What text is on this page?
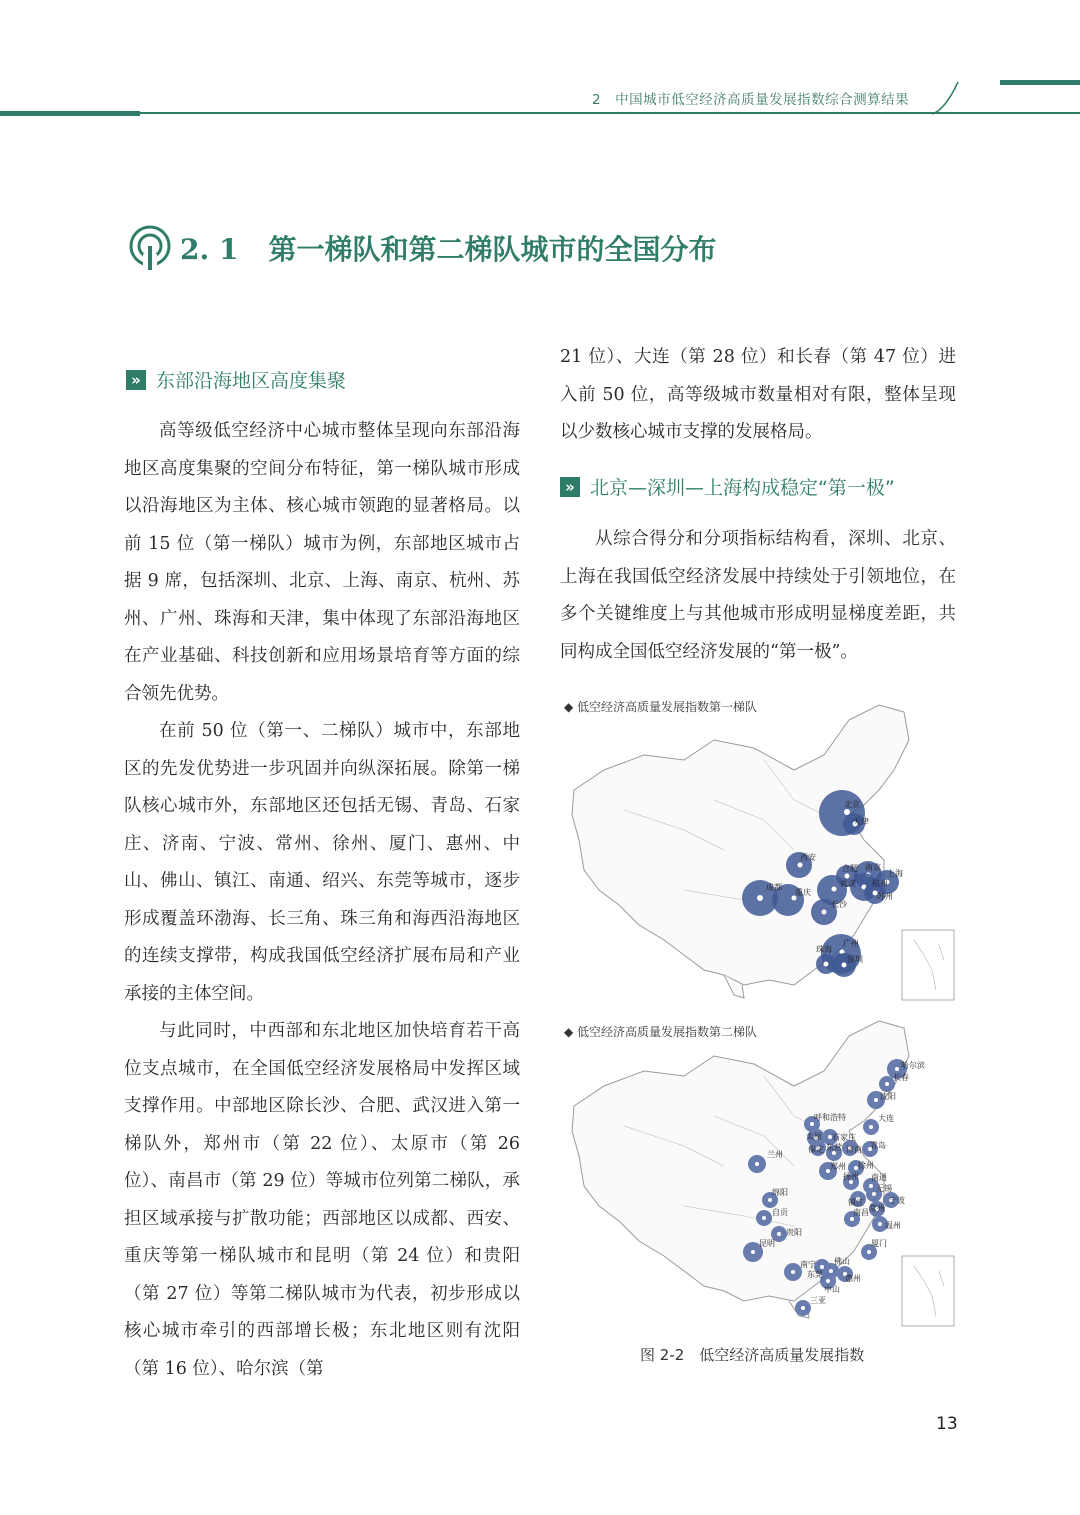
2　中国城市低空经济高质量发展指数综合测算结果
2. 1 第一梯队和第二梯队城市的全国分布
» 东部沿海地区高度集聚

高等级低空经济中心城市整体呈现向东部沿海地区高度集聚的空间分布特征，第一梯队城市形成以沿海地区为主体、核心城市领跑的显著格局。以前 15 位（第一梯队）城市为例，东部地区城市占据 9 席，包括深圳、北京、上海、南京、杭州、苏州、广州、珠海和天津，集中体现了东部沿海地区在产业基础、科技创新和应用场景培育等方面的综合领先优势。

在前 50 位（第一、二梯队）城市中，东部地区的先发优势进一步巩固并向纵深拓展。除第一梯队核心城市外，东部地区还包括无锡、青岛、石家庄、济南、宁波、常州、徐州、厦门、惠州、中山、佛山、镇江、南通、绍兴、东莞等城市，逐步形成覆盖环渤海、长三角、珠三角和海西沿海地区的连续支撑带，构成我国低空经济扩展布局和产业承接的主体空间。

与此同时，中西部和东北地区加快培育若干高位支点城市，在全国低空经济发展格局中发挥区域支撑作用。中部地区除长沙、合肥、武汉进入第一梯队外，郑州市（第 22 位）、太原市（第 26 位）、南昌市（第 29 位）等城市位列第二梯队，承担区域承接与扩散功能；西部地区以成都、西安、重庆等第一梯队城市和昆明（第 24 位）和贵阳（第 27 位）等第二梯队城市为代表，初步形成以核心城市牵引的西部增长极；东北地区则有沈阳（第 16 位）、哈尔滨（第

21 位）、大连（第 28 位）和长春（第 47 位）进入前 50 位，高等级城市数量相对有限，整体呈现以少数核心城市支撑的发展格局。

» 北京—深圳—上海构成稳定“第一极”

从综合得分和分项指标结构看，深圳、北京、上海在我国低空经济发展中持续处于引领地位，在多个关键维度上与其他城市形成明显梯度差距，共同构成全国低空经济发展的“第一极”。

◆ 低空经济高质量发展指数第一梯队
北京
天津
西安
成都
重庆
合肥 南京
武汉 杭州
上海
苏州
长沙
广州
珠海
深圳
◆ 低空经济高质量发展指数第二梯队
哈尔滨
长春
沈阳
大连
呼和浩特
太原 石家庄
保定 东营 济南 青岛
兰州
郑州 徐州
扬州 南通
绵阳
镇江
无锡
宁波
自贡	南昌 常州
贵阳
温州
昆明	厦门
南宁
东莞
佛山
惠州
中山
三亚
图 2-2　低空经济高质量发展指数
13
